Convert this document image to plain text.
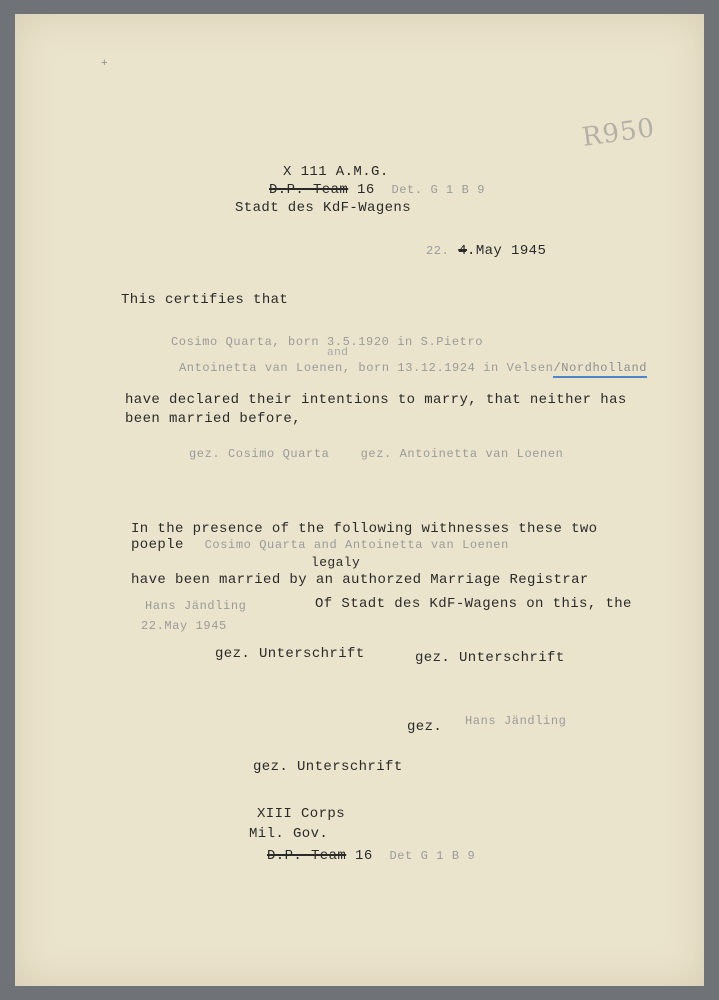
+
R950
X 111 A.M.G.
D.P. Team 16 Det. G 1 B 9
Stadt des KdF-Wagens
22. 4.May 1945
This certifies that
Cosimo Quarta, born 3.5.1920 in S.Pietro
and
Antoinetta van Loenen, born 13.12.1924 in Velsen/Nordholland
have declared their intentions to marry, that neither has
been married before,
gez. Cosimo Quarta    gez. Antoinetta van Loenen
In the presence of the following withnesses these two
poeple Cosimo Quarta and Antoinetta van Loenen
legaly
have been married by an authorzed Marriage Registrar
Of Stadt des KdF-Wagens on this, the
Hans Jändling
22.May 1945
gez. Unterschrift	gez. Unterschrift
gez. Hans Jändling
gez. Unterschrift
XIII Corps
Mil. Gov.
D.P. Team 16 Det G 1 B 9
